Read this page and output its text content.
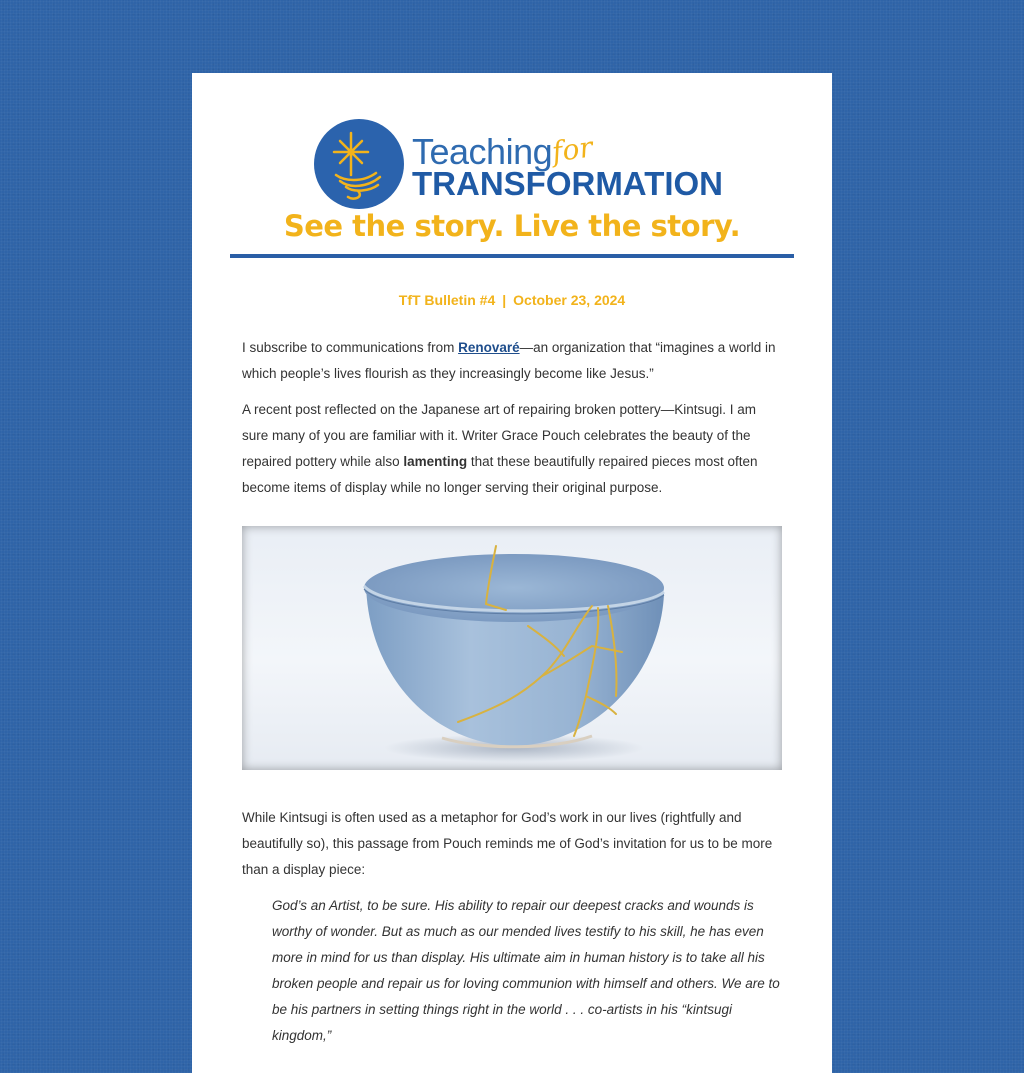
Teaching
for
TRANSFORMATION
See the story. Live the story.
TfT Bulletin #4 | October 23, 2024

I subscribe to communications from Renovaré—an organization that “imagines a world in which people’s lives flourish as they increasingly become like Jesus.”

A recent post reflected on the Japanese art of repairing broken pottery—Kintsugi. I am sure many of you are familiar with it. Writer Grace Pouch celebrates the beauty of the repaired pottery while also lamenting that these beautifully repaired pieces most often become items of display while no longer serving their original purpose.

While Kintsugi is often used as a metaphor for God’s work in our lives (rightfully and beautifully so), this passage from Pouch reminds me of God’s invitation for us to be more than a display piece:

God’s an Artist, to be sure. His ability to repair our deepest cracks and wounds is worthy of wonder. But as much as our mended lives testify to his skill, he has even more in mind for us than display. His ultimate aim in human history is to take all his broken people and repair us for loving communion with himself and others. We are to be his partners in setting things right in the world . . . co-artists in his “kintsugi kingdom,”
